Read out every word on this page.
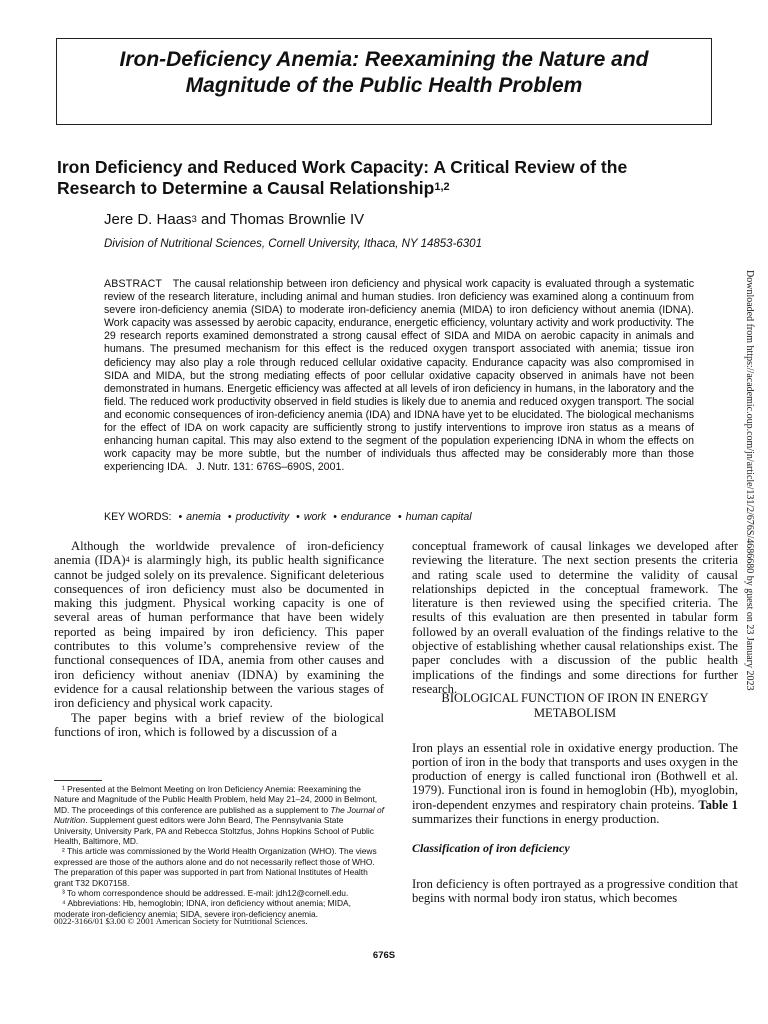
Iron-Deficiency Anemia: Reexamining the Nature and
Magnitude of the Public Health Problem
Iron Deficiency and Reduced Work Capacity: A Critical Review of the Research to Determine a Causal Relationship$^{1,2}$
Jere D. Haas$^3$ and Thomas Brownlie IV
Division of Nutritional Sciences, Cornell University, Ithaca, NY 14853-6301
ABSTRACT The causal relationship between iron deficiency and physical work capacity is evaluated through a systematic review of the research literature, including animal and human studies. Iron deficiency was examined along a continuum from severe iron-deficiency anemia (SIDA) to moderate iron-deficiency anemia (MIDA) to iron deficiency without anemia (IDNA). Work capacity was assessed by aerobic capacity, endurance, energetic efficiency, voluntary activity and work productivity. The 29 research reports examined demonstrated a strong causal effect of SIDA and MIDA on aerobic capacity in animals and humans. The presumed mechanism for this effect is the reduced oxygen transport associated with anemia; tissue iron deficiency may also play a role through reduced cellular oxidative capacity. Endurance capacity was also compromised in SIDA and MIDA, but the strong mediating effects of poor cellular oxidative capacity observed in animals have not been demonstrated in humans. Energetic efficiency was affected at all levels of iron deficiency in humans, in the laboratory and the field. The reduced work productivity observed in field studies is likely due to anemia and reduced oxygen transport. The social and economic consequences of iron-deficiency anemia (IDA) and IDNA have yet to be elucidated. The biological mechanisms for the effect of IDA on work capacity are sufficiently strong to justify interventions to improve iron status as a means of enhancing human capital. This may also extend to the segment of the population experiencing IDNA in whom the effects on work capacity may be more subtle, but the number of individuals thus affected may be considerably more than those experiencing IDA. J. Nutr. 131: 676S–690S, 2001.
KEY WORDS: • anemia • productivity • work • endurance • human capital

Although the worldwide prevalence of iron-deficiency anemia (IDA)$^4$ is alarmingly high, its public health significance cannot be judged solely on its prevalence. Significant deleterious consequences of iron deficiency must also be documented in making this judgment. Physical working capacity is one of several areas of human performance that have been widely reported as being impaired by iron deficiency. This paper contributes to this volume’s comprehensive review of the functional consequences of IDA, anemia from other causes and iron deficiency without aneniav (IDNA) by examining the evidence for a causal relationship between the various stages of iron deficiency and physical work capacity.

The paper begins with a brief review of the biological functions of iron, which is followed by a discussion of a

¹ Presented at the Belmont Meeting on Iron Deficiency Anemia: Reexamining the Nature and Magnitude of the Public Health Problem, held May 21–24, 2000 in Belmont, MD. The proceedings of this conference are published as a supplement to The Journal of Nutrition. Supplement guest editors were John Beard, The Pennsylvania State University, University Park, PA and Rebecca Stoltzfus, Johns Hopkins School of Public Health, Baltimore, MD.

² This article was commissioned by the World Health Organization (WHO). The views expressed are those of the authors alone and do not necessarily reflect those of WHO. The preparation of this paper was supported in part from National Institutes of Health grant T32 DK07158.

³ To whom correspondence should be addressed. E-mail: jdh12@cornell.edu.

⁴ Abbreviations: Hb, hemoglobin; IDNA, iron deficiency without anemia; MIDA, moderate iron-deficiency anemia; SIDA, severe iron-deficiency anemia.

0022-3166/01 $3.00 © 2001 American Society for Nutritional Sciences.

conceptual framework of causal linkages we developed after reviewing the literature. The next section presents the criteria and rating scale used to determine the validity of causal relationships depicted in the conceptual framework. The literature is then reviewed using the specified criteria. The results of this evaluation are then presented in tabular form followed by an overall evaluation of the findings relative to the objective of establishing whether causal relationships exist. The paper concludes with a discussion of the public health implications of the findings and some directions for further research.

BIOLOGICAL FUNCTION OF IRON IN ENERGY
METABOLISM

Iron plays an essential role in oxidative energy production. The portion of iron in the body that transports and uses oxygen in the production of energy is called functional iron (Bothwell et al. 1979). Functional iron is found in hemoglobin (Hb), myoglobin, iron-dependent enzymes and respiratory chain proteins. Table 1 summarizes their functions in energy production.

Classification of iron deficiency

Iron deficiency is often portrayed as a progressive condition that begins with normal body iron status, which becomes

676S
Downloaded from https://academic.oup.com/jn/article/131/2/676S/4686680 by guest on 23 January 2023
